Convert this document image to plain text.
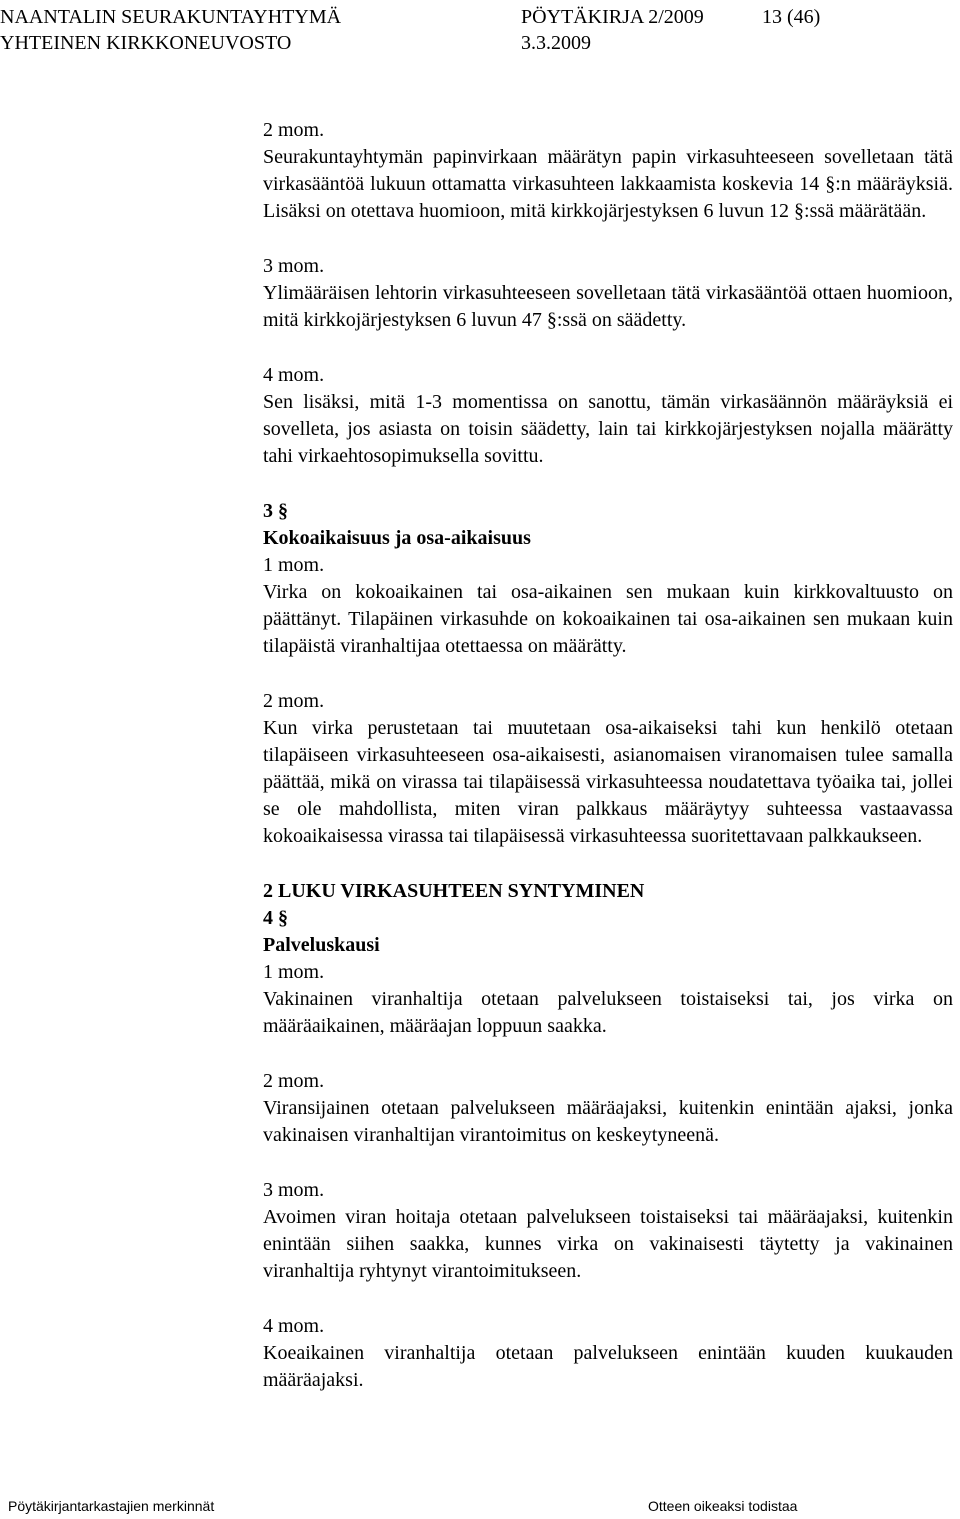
NAANTALIN SEURAKUNTAYHTYMÄ	PÖYTÄKIRJA 2/2009	13 (46)
YHTEINEN KIRKKONEUVOSTO	3.3.2009

2 mom.
Seurakuntayhtymän papinvirkaan määrätyn papin virkasuhteeseen sovelletaan tätä virkasääntöä lukuun ottamatta virkasuhteen lakkaamista koskevia 14 §:n määräyksiä. Lisäksi on otettava huomioon, mitä kirkkojärjestyksen 6 luvun 12 §:ssä määrätään.

3 mom.
Ylimääräisen lehtorin virkasuhteeseen sovelletaan tätä virkasääntöä ottaen huomioon, mitä kirkkojärjestyksen 6 luvun 47 §:ssä on säädetty.

4 mom.
Sen lisäksi, mitä 1-3 momentissa on sanottu, tämän virkasäännön määräyksiä ei sovelleta, jos asiasta on toisin säädetty, lain tai kirkkojärjestyksen nojalla määrätty tahi virkaehtosopimuksella sovittu.

3 §
Kokoaikaisuus ja osa-aikaisuus

1 mom.
Virka on kokoaikainen tai osa-aikainen sen mukaan kuin kirkkovaltuusto on päättänyt. Tilapäinen virkasuhde on kokoaikainen tai osa-aikainen sen mukaan kuin tilapäistä viranhaltijaa otettaessa on määrätty.

2 mom.
Kun virka perustetaan tai muutetaan osa-aikaiseksi tahi kun henkilö otetaan tilapäiseen virkasuhteeseen osa-aikaisesti, asianomaisen viranomaisen tulee samalla päättää, mikä on virassa tai tilapäisessä virkasuhteessa noudatettava työaika tai, jollei se ole mahdollista, miten viran palkkaus määräytyy suhteessa vastaavassa kokoaikaisessa virassa tai tilapäisessä virkasuhteessa suoritettavaan palkkaukseen.

2 LUKU VIRKASUHTEEN SYNTYMINEN
4 §
Palveluskausi

1 mom.
Vakinainen viranhaltija otetaan palvelukseen toistaiseksi tai, jos virka on määräaikainen, määräajan loppuun saakka.

2 mom.
Viransijainen otetaan palvelukseen määräajaksi, kuitenkin enintään ajaksi, jonka vakinaisen viranhaltijan virantoimitus on keskeytyneenä.

3 mom.
Avoimen viran hoitaja otetaan palvelukseen toistaiseksi tai määräajaksi, kuitenkin enintään siihen saakka, kunnes virka on vakinaisesti täytetty ja vakinainen viranhaltija ryhtynyt virantoimitukseen.

4 mom.
Koeaikainen viranhaltija otetaan palvelukseen enintään kuuden kuukauden määräajaksi.

Pöytäkirjantarkastajien merkinnät	Otteen oikeaksi todistaa
